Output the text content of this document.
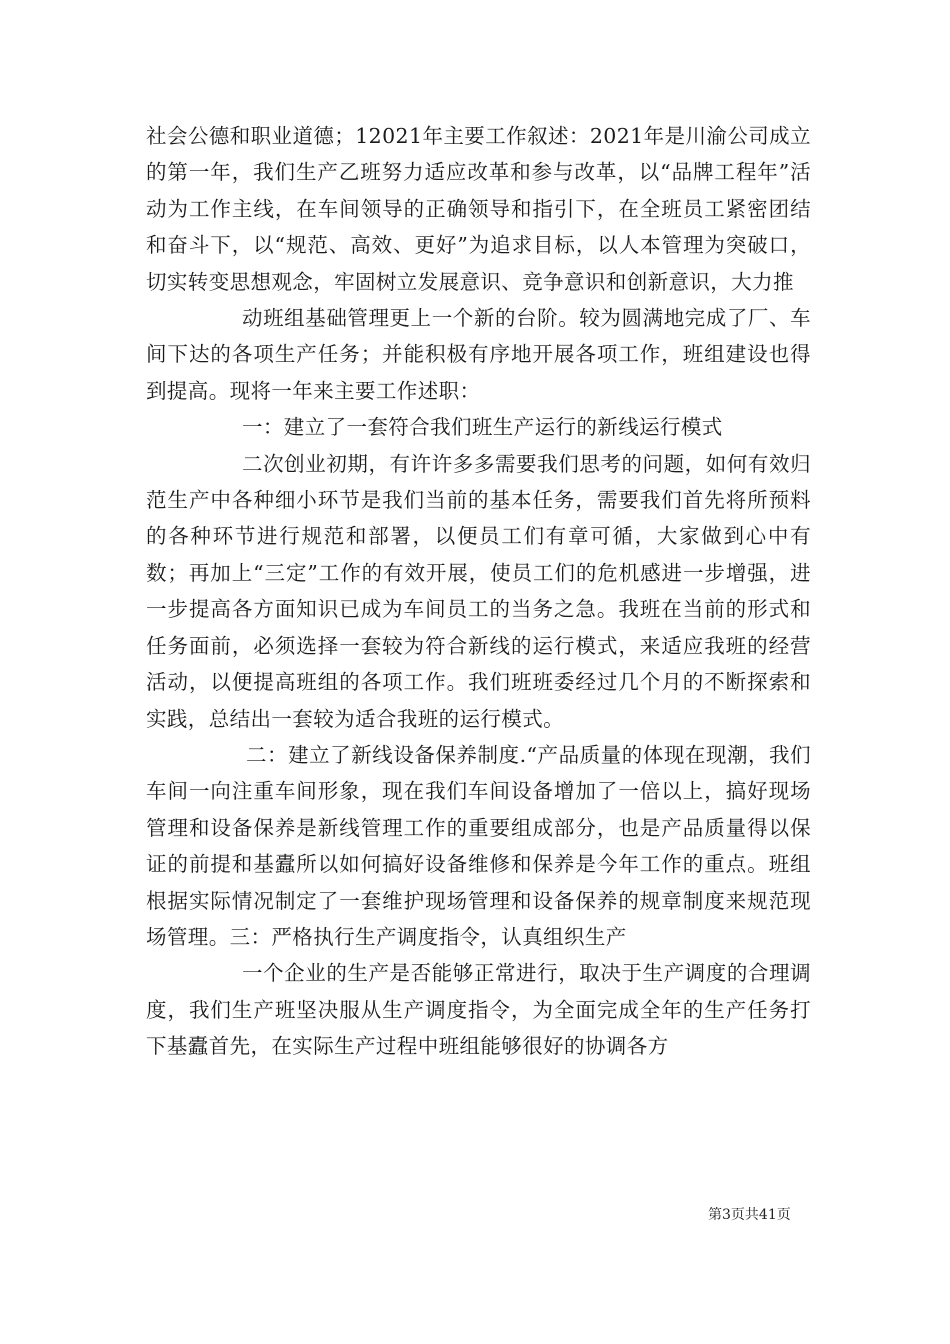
社会公德和职业道德；12021年主要工作叙述：2021年是川渝公司成立的第一年，我们生产乙班努力适应改革和参与改革，以“品牌工程年”活动为工作主线，在车间领导的正确领导和指引下，在全班员工紧密团结和奋斗下，以“规范、高效、更好”为追求目标，以人本管理为突破口，切实转变思想观念，牢固树立发展意识、竞争意识和创新意识，大力推

动班组基础管理更上一个新的台阶。较为圆满地完成了厂、车间下达的各项生产任务；并能积极有序地开展各项工作，班组建设也得到提高。现将一年来主要工作述职：

一：建立了一套符合我们班生产运行的新线运行模式

二次创业初期，有许许多多需要我们思考的问题，如何有效归范生产中各种细小环节是我们当前的基本任务，需要我们首先将所预料的各种环节进行规范和部署，以便员工们有章可循，大家做到心中有数；再加上“三定”工作的有效开展，使员工们的危机感进一步增强，进一步提高各方面知识已成为车间员工的当务之急。我班在当前的形式和任务面前，必须选择一套较为符合新线的运行模式，来适应我班的经营活动，以便提高班组的各项工作。我们班班委经过几个月的不断探索和实践，总结出一套较为适合我班的运行模式。

二：建立了新线设备保养制度.“产品质量的体现在现潮，我们车间一向注重车间形象，现在我们车间设备增加了一倍以上，搞好现场管理和设备保养是新线管理工作的重要组成部分，也是产品质量得以保证的前提和基蠹所以如何搞好设备维修和保养是今年工作的重点。班组根据实际情况制定了一套维护现场管理和设备保养的规章制度来规范现场管理。三：严格执行生产调度指令，认真组织生产

一个企业的生产是否能够正常进行，取决于生产调度的合理调度，我们生产班坚决服从生产调度指令，为全面完成全年的生产任务打下基蠹首先，在实际生产过程中班组能够很好的协调各方

第3页共41页
